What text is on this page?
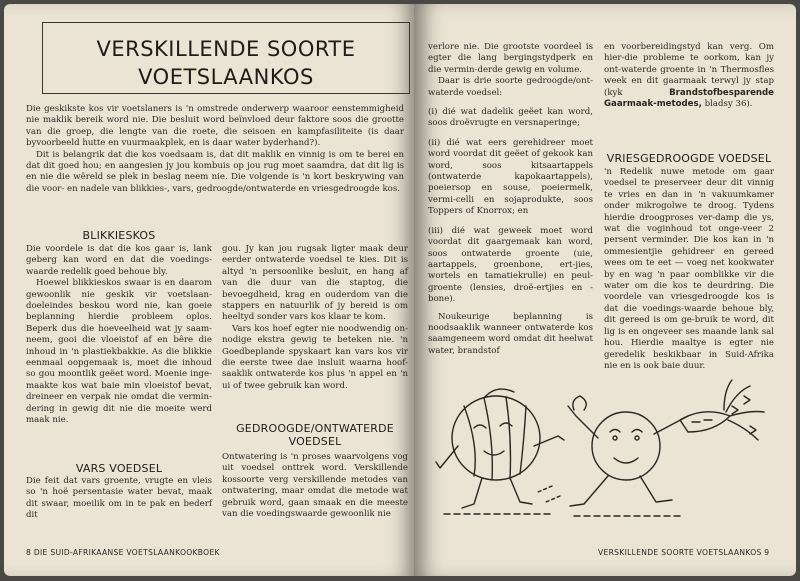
VERSKILLENDE SOORTE
VOETSLAANKOS

Die geskikste kos vir voetslaners is 'n omstrede onderwerp waaroor eenstemmigheid nie maklik bereik word nie. Die besluit word beïnvloed deur faktore soos die grootte van die groep, die lengte van die roete, die seisoen en kampfasiliteite (is daar byvoorbeeld hutte en vuurmaakplek, en is daar water byderhand?).

Dit is belangrik dat die kos voedsaam is, dat dit maklik en vinnig is om te berei en dat dit goed hou; en aangesien jy jou kombuis op jou rug moet saamdra, dat dit lig is en nie die wêreld se plek in beslag neem nie. Die volgende is 'n kort beskrywing van die voor- en nadele van blikkies-, vars, gedroogde/ontwaterde en vriesgedroogde kos.

BLIKKIESKOS

Die voordele is dat die kos gaar is, lank geberg kan word en dat die voedings-waarde redelik goed behoue bly.

Hoewel blikkieskos swaar is en daarom gewoonlik nie geskik vir voetslaan-doeleindes beskou word nie, kan goeie beplanning hierdie probleem oplos. Beperk dus die hoeveelheid wat jy saam-neem, gooi die vloeistof af en bêre die inhoud in 'n plastiekbakkie. As die blikkie eenmaal oopgemaak is, moet die inhoud so gou moontlik geëet word. Moenie inge-maakte kos wat baie min vloeistof bevat, dreineer en verpak nie omdat die vermin-dering in gewig dit nie die moeite werd maak nie.

VARS VOEDSEL

Die feit dat vars groente, vrugte en vleis so 'n hoë persentasie water bevat, maak dit swaar, moeilik om in te pak en bederf dit

gou. Jy kan jou rugsak ligter maak deur eerder ontwaterde voedsel te kies. Dit is altyd 'n persoonlike besluit, en hang af van die duur van die staptog, die bevoegdheid, krag en ouderdom van die stappers en natuurlik of jy bereid is om heeltyd sonder vars kos klaar te kom.

Vars kos hoef egter nie noodwendig on-nodige ekstra gewig te beteken nie. 'n Goedbeplande spyskaart kan vars kos vir die eerste twee dae insluit waarna hoof-saaklik ontwaterde kos plus 'n appel en 'n ui of twee gebruik kan word.

GEDROOGDE/ONTWATERDE
VOEDSEL

Ontwatering is 'n proses waarvolgens vog uit voedsel onttrek word. Verskillende kossoorte verg verskillende metodes van ontwatering, maar omdat die metode wat gebruik word, gaan smaak en die meeste van die voedingswaarde gewoonlik nie

8 DIE SUID-AFRIKAANSE VOETSLAANKOOKBOEK

verlore nie. Die grootste voordeel is egter die lang bergingstydperk en die vermin-derde gewig en volume.

Daar is drie soorte gedroogde/ont-waterde voedsel:

(i) dié wat dadelik geëet kan word, soos droëvrugte en versnaperinge;

(ii) dié wat eers gerehidreer moet word voordat dit geëet of gekook kan word, soos kitsaartappels (ontwaterde kapokaartappels), poeiersop en souse, poeiermelk, vermi-celli en sojaprodukte, soos Toppers of Knorrox; en

(iii) dié wat geweek moet word voordat dit gaargemaak kan word, soos ontwaterde groente (uie, aartappels, groenbone, ert-jies, wortels en tamatiekrulle) en peul-groente (lensies, droë-ertjies en -bone).

Noukeurige beplanning is noodsaaklik wanneer ontwaterde kos saamgeneem word omdat dit heelwat water, brandstof

en voorbereidingstyd kan verg. Om hier-die probleme te oorkom, kan jy ont-waterde groente in 'n Thermosfles week en dit gaarmaak terwyl jy stap (kyk	Brandstofbesparende Gaarmaak-metodes, bladsy 36).

VRIESGEDROOGDE VOEDSEL

'n Redelik nuwe metode om gaar voedsel te preserveer deur dit vinnig te vries en dan in 'n vakuumkamer onder mikrogolwe te droog. Tydens hierdie droogproses ver-damp die ys, wat die voginhoud tot onge-veer 2 persent verminder. Die kos kan in 'n ommesientjie gehidreer en gereed wees om te eet — voeg net kookwater by en wag 'n paar oomblikke vir die water om die kos te deurdring. Die voordele van vriesgedroogde kos is dat die voedings-waarde behoue bly, dit gereed is om ge-bruik te word, dit lig is en ongeveer ses maande lank sal hou. Hierdie maaltye is egter nie geredelik beskikbaar in Suid-Afrika nie en is ook baie duur.

VERSKILLENDE SOORTE VOETSLAANKOS 9
